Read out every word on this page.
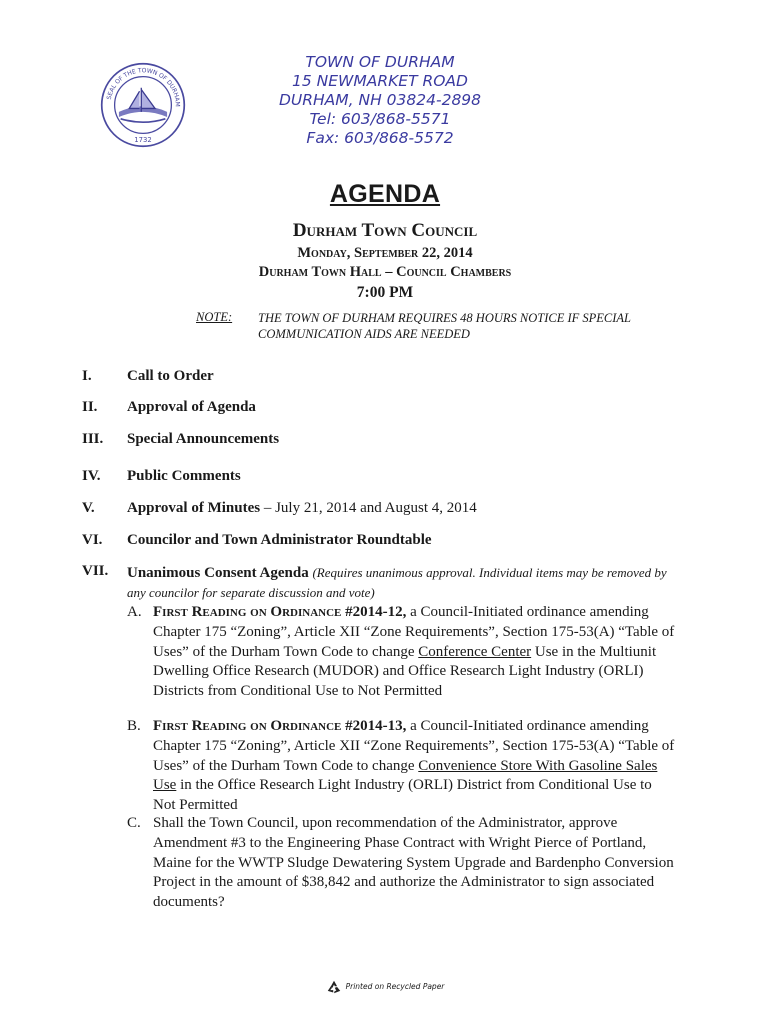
1732
SEAL OF THE TOWN OF DURHAM
TOWN OF DURHAM
15 NEWMARKET ROAD
DURHAM, NH 03824-2898
Tel: 603/868-5571
Fax: 603/868-5572
AGENDA
Durham Town Council
Monday, September 22, 2014
Durham Town Hall – Council Chambers
7:00 PM
NOTE: THE TOWN OF DURHAM REQUIRES 48 HOURS NOTICE IF SPECIAL COMMUNICATION AIDS ARE NEEDED
I. Call to Order
II. Approval of Agenda
III. Special Announcements
IV. Public Comments
V. Approval of Minutes – July 21, 2014 and August 4, 2014
VI. Councilor and Town Administrator Roundtable
VII. Unanimous Consent Agenda (Requires unanimous approval. Individual items may be removed by any councilor for separate discussion and vote)
A. First Reading on Ordinance #2014-12, a Council-Initiated ordinance amending Chapter 175 “Zoning”, Article XII “Zone Requirements”, Section 175-53(A) “Table of Uses” of the Durham Town Code to change Conference Center Use in the Multiunit Dwelling Office Research (MUDOR) and Office Research Light Industry (ORLI) Districts from Conditional Use to Not Permitted
B. First Reading on Ordinance #2014-13, a Council-Initiated ordinance amending Chapter 175 “Zoning”, Article XII “Zone Requirements”, Section 175-53(A) “Table of Uses” of the Durham Town Code to change Convenience Store With Gasoline Sales Use in the Office Research Light Industry (ORLI) District from Conditional Use to Not Permitted
C. Shall the Town Council, upon recommendation of the Administrator, approve Amendment #3 to the Engineering Phase Contract with Wright Pierce of Portland, Maine for the WWTP Sludge Dewatering System Upgrade and Bardenpho Conversion Project in the amount of $38,842 and authorize the Administrator to sign associated documents?
Printed on Recycled Paper
